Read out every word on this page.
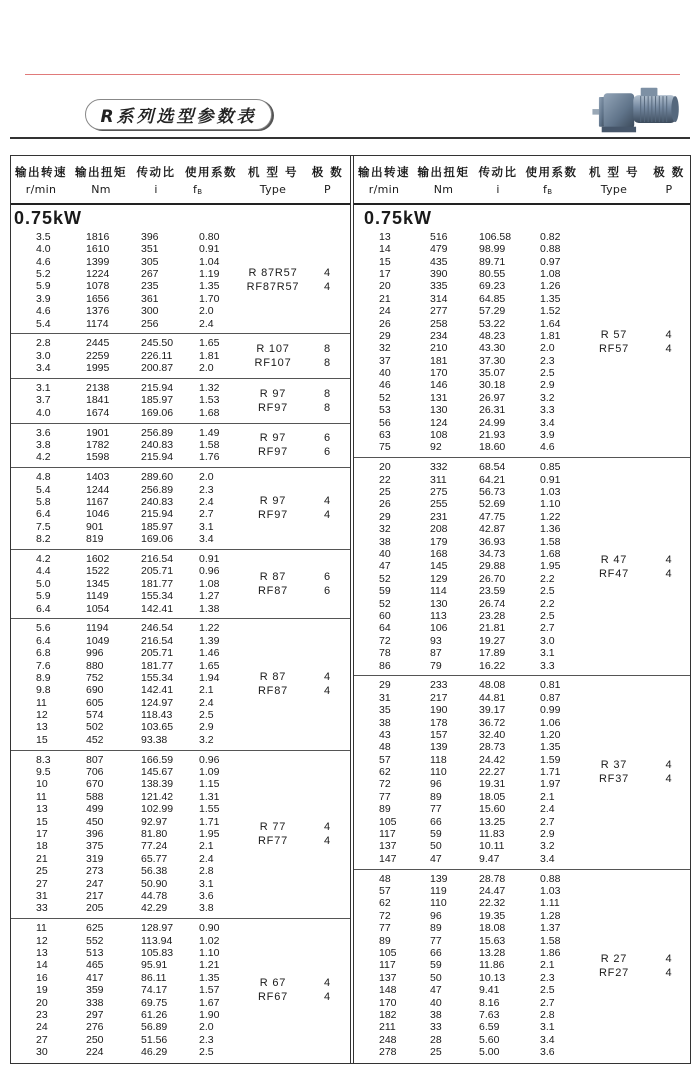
R系列选型参数表
输出转速 输出扭矩 传动比 使用系数 机 型 号	极 数
r/min	Nm	i	$f_B$	Type	P
0.75kW
3.5	1816	396	0.80
4.0	1610	351	0.91
4.6	1399	305	1.04
5.2	1224	267	1.19
5.9	1078	235	1.35
3.9	1656	361	1.70
4.6	1376	300	2.0
5.4	1174	256	2.4
R 87R57	4
RF87R57	4
2.8	2445	245.50	1.65
3.0	2259	226.11	1.81
3.4	1995	200.87	2.0
R 107	8
RF107	8
3.1	2138	215.94	1.32
3.7	1841	185.97	1.53
4.0	1674	169.06	1.68
R 97	8
RF97	8
3.6	1901	256.89	1.49
3.8	1782	240.83	1.58
4.2	1598	215.94	1.76
R 97	6
RF97	6
4.8	1403	289.60	2.0
5.4	1244	256.89	2.3
5.8	1167	240.83	2.4
6.4	1046	215.94	2.7
7.5	901	185.97	3.1
8.2	819	169.06	3.4
R 97	4
RF97	4
4.2	1602	216.54	0.91
4.4	1522	205.71	0.96
5.0	1345	181.77	1.08
5.9	1149	155.34	1.27
6.4	1054	142.41	1.38
R 87	6
RF87	6
5.6	1194	246.54	1.22
6.4	1049	216.54	1.39
6.8	996	205.71	1.46
7.6	880	181.77	1.65
8.9	752	155.34	1.94
9.8	690	142.41	2.1
11	605	124.97	2.4
12	574	118.43	2.5
13	502	103.65	2.9
15	452	93.38	3.2
R 87	4
RF87	4
8.3	807	166.59	0.96
9.5	706	145.67	1.09
10	670	138.39	1.15
11	588	121.42	1.31
13	499	102.99	1.55
15	450	92.97	1.71
17	396	81.80	1.95
18	375	77.24	2.1
21	319	65.77	2.4
25	273	56.38	2.8
27	247	50.90	3.1
31	217	44.78	3.6
33	205	42.29	3.8
R 77	4
RF77	4
11	625	128.97	0.90
12	552	113.94	1.02
13	513	105.83	1.10
14	465	95.91	1.21
16	417	86.11	1.35
19	359	74.17	1.57
20	338	69.75	1.67
23	297	61.26	1.90
24	276	56.89	2.0
27	250	51.56	2.3
30	224	46.29	2.5
R 67	4
RF67	4
输出转速 输出扭矩 传动比 使用系数 机 型 号	极 数
r/min	Nm	i	$f_B$	Type	P
0.75kW
13	516	106.58	0.82
14	479	98.99	0.88
15	435	89.71	0.97
17	390	80.55	1.08
20	335	69.23	1.26
21	314	64.85	1.35
24	277	57.29	1.52
26	258	53.22	1.64
29	234	48.23	1.81
32	210	43.30	2.0
37	181	37.30	2.3
40	170	35.07	2.5
46	146	30.18	2.9
52	131	26.97	3.2
53	130	26.31	3.3
56	124	24.99	3.4
63	108	21.93	3.9
75	92	18.60	4.6
R 57	4
RF57	4
20	332	68.54	0.85
22	311	64.21	0.91
25	275	56.73	1.03
26	255	52.69	1.10
29	231	47.75	1.22
32	208	42.87	1.36
38	179	36.93	1.58
40	168	34.73	1.68
47	145	29.88	1.95
52	129	26.70	2.2
59	114	23.59	2.5
52	130	26.74	2.2
60	113	23.28	2.5
64	106	21.81	2.7
72	93	19.27	3.0
78	87	17.89	3.1
86	79	16.22	3.3
R 47	4
RF47	4
29	233	48.08	0.81
31	217	44.81	0.87
35	190	39.17	0.99
38	178	36.72	1.06
43	157	32.40	1.20
48	139	28.73	1.35
57	118	24.42	1.59
62	110	22.27	1.71
72	96	19.31	1.97
77	89	18.05	2.1
89	77	15.60	2.4
105	66	13.25	2.7
117	59	11.83	2.9
137	50	10.11	3.2
147	47	9.47	3.4
R 37	4
RF37	4
48	139	28.78	0.88
57	119	24.47	1.03
62	110	22.32	1.11
72	96	19.35	1.28
77	89	18.08	1.37
89	77	15.63	1.58
105	66	13.28	1.86
117	59	11.86	2.1
137	50	10.13	2.3
148	47	9.41	2.5
170	40	8.16	2.7
182	38	7.63	2.8
211	33	6.59	3.1
248	28	5.60	3.4
278	25	5.00	3.6
R 27	4
RF27	4
